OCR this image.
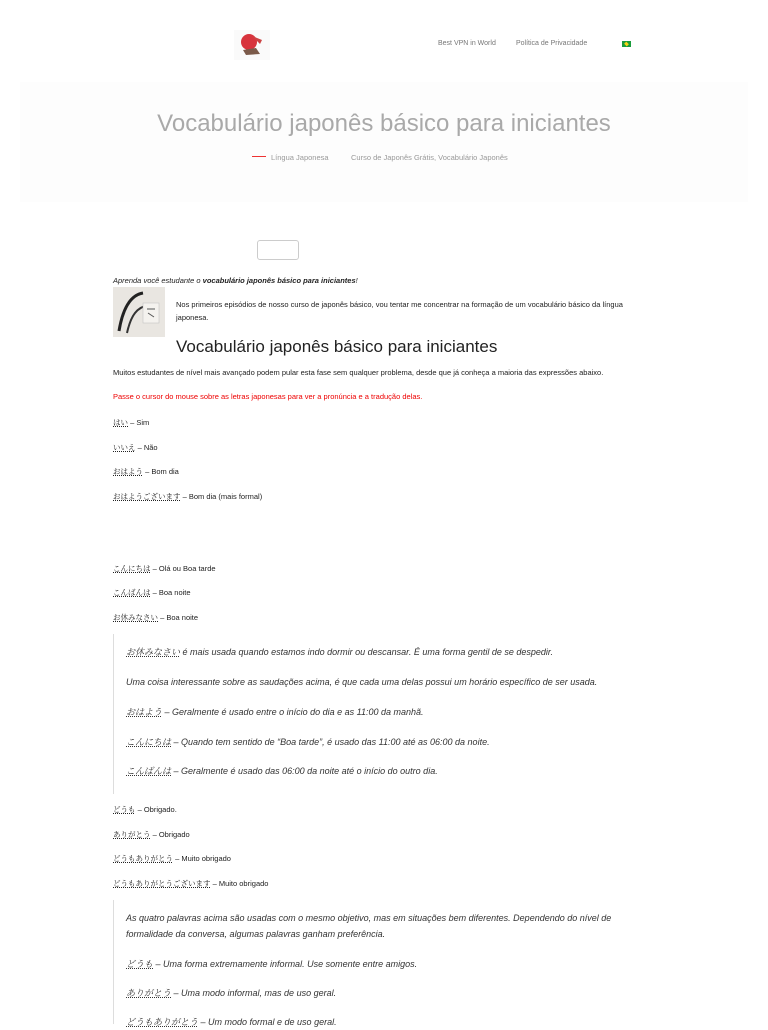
Best VPN in World	Política de Privacidade
Vocabulário japonês básico para iniciantes
Língua Japonesa	Curso de Japonês Grátis, Vocabulário Japonês
Aprenda você estudante o vocabulário japonês básico para iniciantes!
Nos primeiros episódios de nosso curso de japonês básico, vou tentar me concentrar na formação de um vocabulário básico da língua japonesa.
Vocabulário japonês básico para iniciantes
Muitos estudantes de nível mais avançado podem pular esta fase sem qualquer problema, desde que já conheça a maioria das expressões abaixo.
Passe o cursor do mouse sobre as letras japonesas para ver a pronúncia e a tradução delas.
はい – Sim
いいえ – Não
おはよう – Bom dia
おはようございます – Bom dia (mais formal)
こんにちは – Olá ou Boa tarde
こんばんは – Boa noite
お休みなさい – Boa noite
お休みなさい é mais usada quando estamos indo dormir ou descansar. É uma forma gentil de se despedir.
Uma coisa interessante sobre as saudações acima, é que cada uma delas possui um horário específico de ser usada.
おはよう – Geralmente é usado entre o início do dia e as 11:00 da manhã.
こんにちは – Quando tem sentido de “Boa tarde”, é usado das 11:00 até as 06:00 da noite.
こんばんは – Geralmente é usado das 06:00 da noite até o início do outro dia.
どうも – Obrigado.
ありがとう – Obrigado
どうもありがとう – Muito obrigado
どうもありがとうございます – Muito obrigado
As quatro palavras acima são usadas com o mesmo objetivo, mas em situações bem diferentes. Dependendo do nível de formalidade da conversa, algumas palavras ganham preferência.
どうも – Uma forma extremamente informal. Use somente entre amigos.
ありがとう – Uma modo informal, mas de uso geral.
どうもありがとう – Um modo formal e de uso geral.
